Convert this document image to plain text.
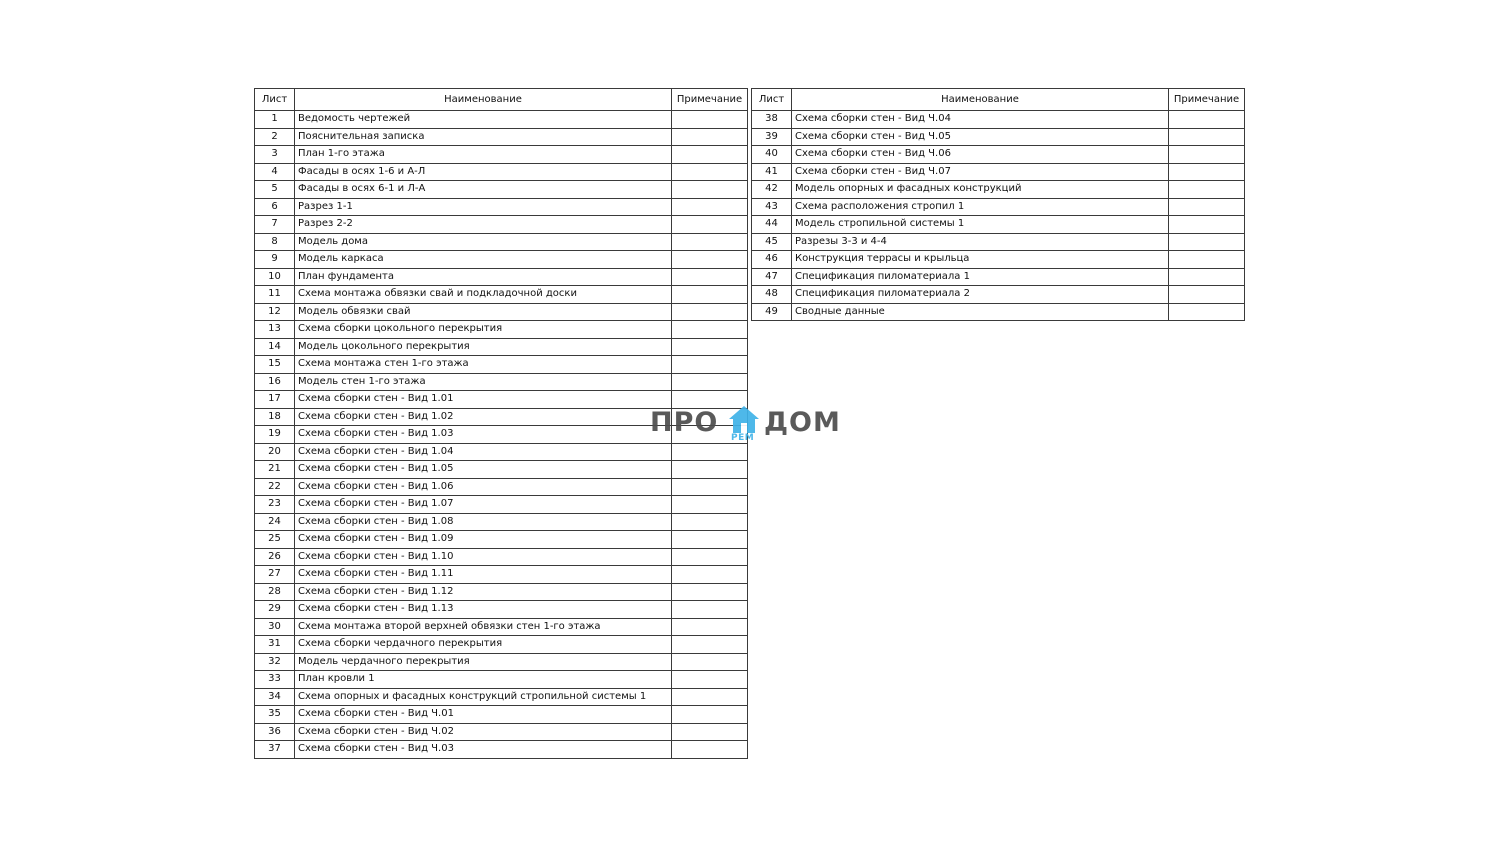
Лист	Наименование	Примечание
1	Ведомость чертежей	
2	Пояснительная записка	
3	План 1-го этажа	
4	Фасады в осях 1-6 и А-Л	
5	Фасады в осях 6-1 и Л-А	
6	Разрез 1-1	
7	Разрез 2-2	
8	Модель дома	
9	Модель каркаса	
10	План фундамента	
11	Схема монтажа обвязки свай и подкладочной доски	
12	Модель обвязки свай	
13	Схема сборки цокольного перекрытия	
14	Модель цокольного перекрытия	
15	Схема монтажа стен 1-го этажа	
16	Модель стен 1-го этажа	
17	Схема сборки стен - Вид 1.01	
18	Схема сборки стен - Вид 1.02	
19	Схема сборки стен - Вид 1.03	
20	Схема сборки стен - Вид 1.04	
21	Схема сборки стен - Вид 1.05	
22	Схема сборки стен - Вид 1.06	
23	Схема сборки стен - Вид 1.07	
24	Схема сборки стен - Вид 1.08	
25	Схема сборки стен - Вид 1.09	
26	Схема сборки стен - Вид 1.10	
27	Схема сборки стен - Вид 1.11	
28	Схема сборки стен - Вид 1.12	
29	Схема сборки стен - Вид 1.13	
30	Схема монтажа второй верхней обвязки стен 1-го этажа	
31	Схема сборки чердачного перекрытия	
32	Модель чердачного перекрытия	
33	План кровли 1	
34	Схема опорных и фасадных конструкций стропильной системы 1	
35	Схема сборки стен - Вид Ч.01	
36	Схема сборки стен - Вид Ч.02	
37	Схема сборки стен - Вид Ч.03	
Лист	Наименование	Примечание
38	Схема сборки стен - Вид Ч.04	
39	Схема сборки стен - Вид Ч.05	
40	Схема сборки стен - Вид Ч.06	
41	Схема сборки стен - Вид Ч.07	
42	Модель опорных и фасадных конструкций	
43	Схема расположения стропил 1	
44	Модель стропильной системы 1	
45	Разрезы 3-3 и 4-4	
46	Конструкция террасы и крыльца	
47	Спецификация пиломатериала 1	
48	Спецификация пиломатериала 2	
49	Сводные данные	
ПРО РЕМ ДОМ
